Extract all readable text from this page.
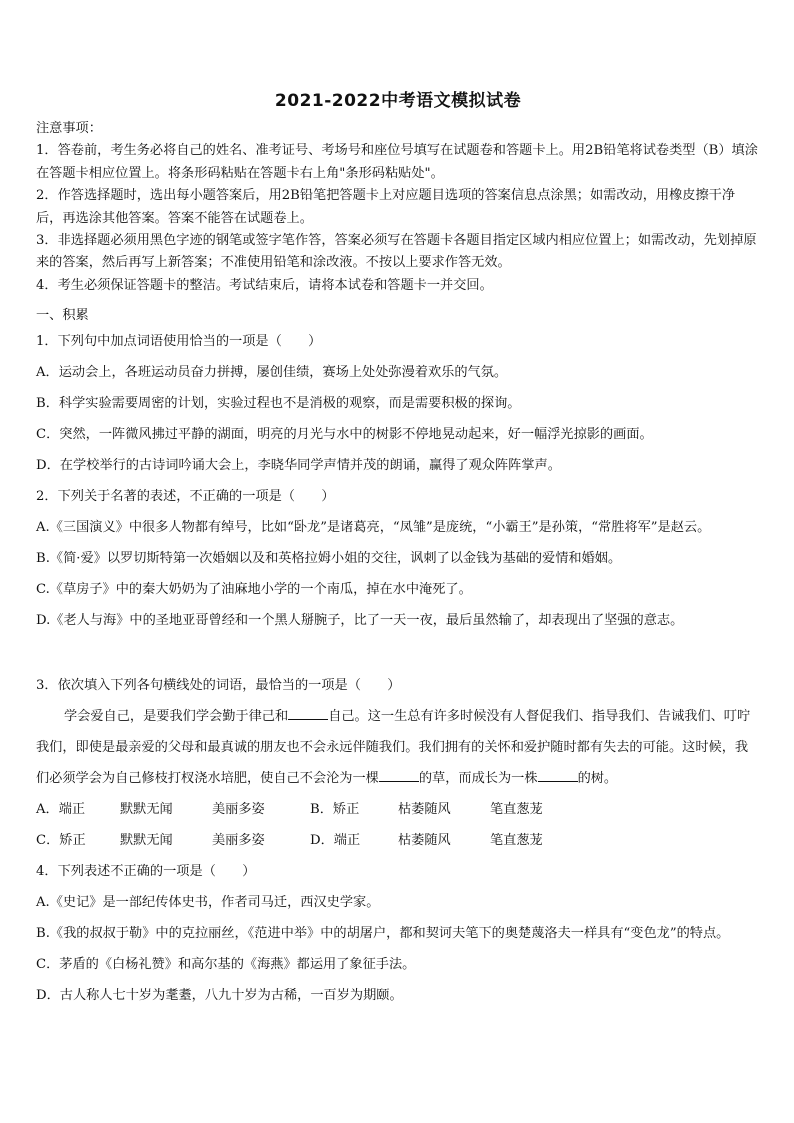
2021-2022中考语文模拟试卷

注意事项：

1．答卷前，考生务必将自己的姓名、准考证号、考场号和座位号填写在试题卷和答题卡上。用2B铅笔将试卷类型（B）填涂在答题卡相应位置上。将条形码粘贴在答题卡右上角"条形码粘贴处"。

2．作答选择题时，选出每小题答案后，用2B铅笔把答题卡上对应题目选项的答案信息点涂黑；如需改动，用橡皮擦干净后，再选涂其他答案。答案不能答在试题卷上。

3．非选择题必须用黑色字迹的钢笔或签字笔作答，答案必须写在答题卡各题目指定区域内相应位置上；如需改动，先划掉原来的答案，然后再写上新答案；不准使用铅笔和涂改液。不按以上要求作答无效。

4．考生必须保证答题卡的整洁。考试结束后，请将本试卷和答题卡一并交回。

一、积累

1．下列句中加点词语使用恰当的一项是（　　）

A．运动会上，各班运动员奋力拼搏，屡创佳绩，赛场上处处弥漫着欢乐的气氛。

B．科学实验需要周密的计划，实验过程也不是消极的观察，而是需要积极的探询。

C．突然，一阵微风拂过平静的湖面，明亮的月光与水中的树影不停地晃动起来，好一幅浮光掠影的画面。

D．在学校举行的古诗词吟诵大会上，李晓华同学声情并茂的朗诵，赢得了观众阵阵掌声。

2．下列关于名著的表述，不正确的一项是（　　）

A.《三国演义》中很多人物都有绰号，比如“卧龙”是诸葛亮，“凤雏”是庞统，“小霸王”是孙策，“常胜将军”是赵云。

B.《简·爱》以罗切斯特第一次婚姻以及和英格拉姆小姐的交往，讽刺了以金钱为基础的爱情和婚姻。

C.《草房子》中的秦大奶奶为了油麻地小学的一个南瓜，掉在水中淹死了。

D.《老人与海》中的圣地亚哥曾经和一个黑人掰腕子，比了一天一夜，最后虽然输了，却表现出了坚强的意志。

3．依次填入下列各句横线处的词语，最恰当的一项是（　　）

学会爱自己，是要我们学会勤于律己和	自己。这一生总有许多时候没有人督促我们、指导我们、告诫我们、叮咛我们，即使是最亲爱的父母和最真诚的朋友也不会永远伴随我们。我们拥有的关怀和爱护随时都有失去的可能。这时候，我们必须学会为自己修枝打杈浇水培肥，使自己不会沦为一棵	的草，而成长为一株	的树。

A．端正	默默无闻	美丽多姿	B．矫正	枯萎随风	笔直葱茏

C．矫正	默默无闻	美丽多姿	D．端正	枯萎随风	笔直葱茏

4．下列表述不正确的一项是（　　）

A.《史记》是一部纪传体史书，作者司马迁，西汉史学家。

B.《我的叔叔于勒》中的克拉丽丝，《范进中举》中的胡屠户，都和契诃夫笔下的奥楚蔑洛夫一样具有“变色龙”的特点。

C．茅盾的《白杨礼赞》和高尔基的《海燕》都运用了象征手法。

D．古人称人七十岁为耄耋，八九十岁为古稀，一百岁为期颐。
